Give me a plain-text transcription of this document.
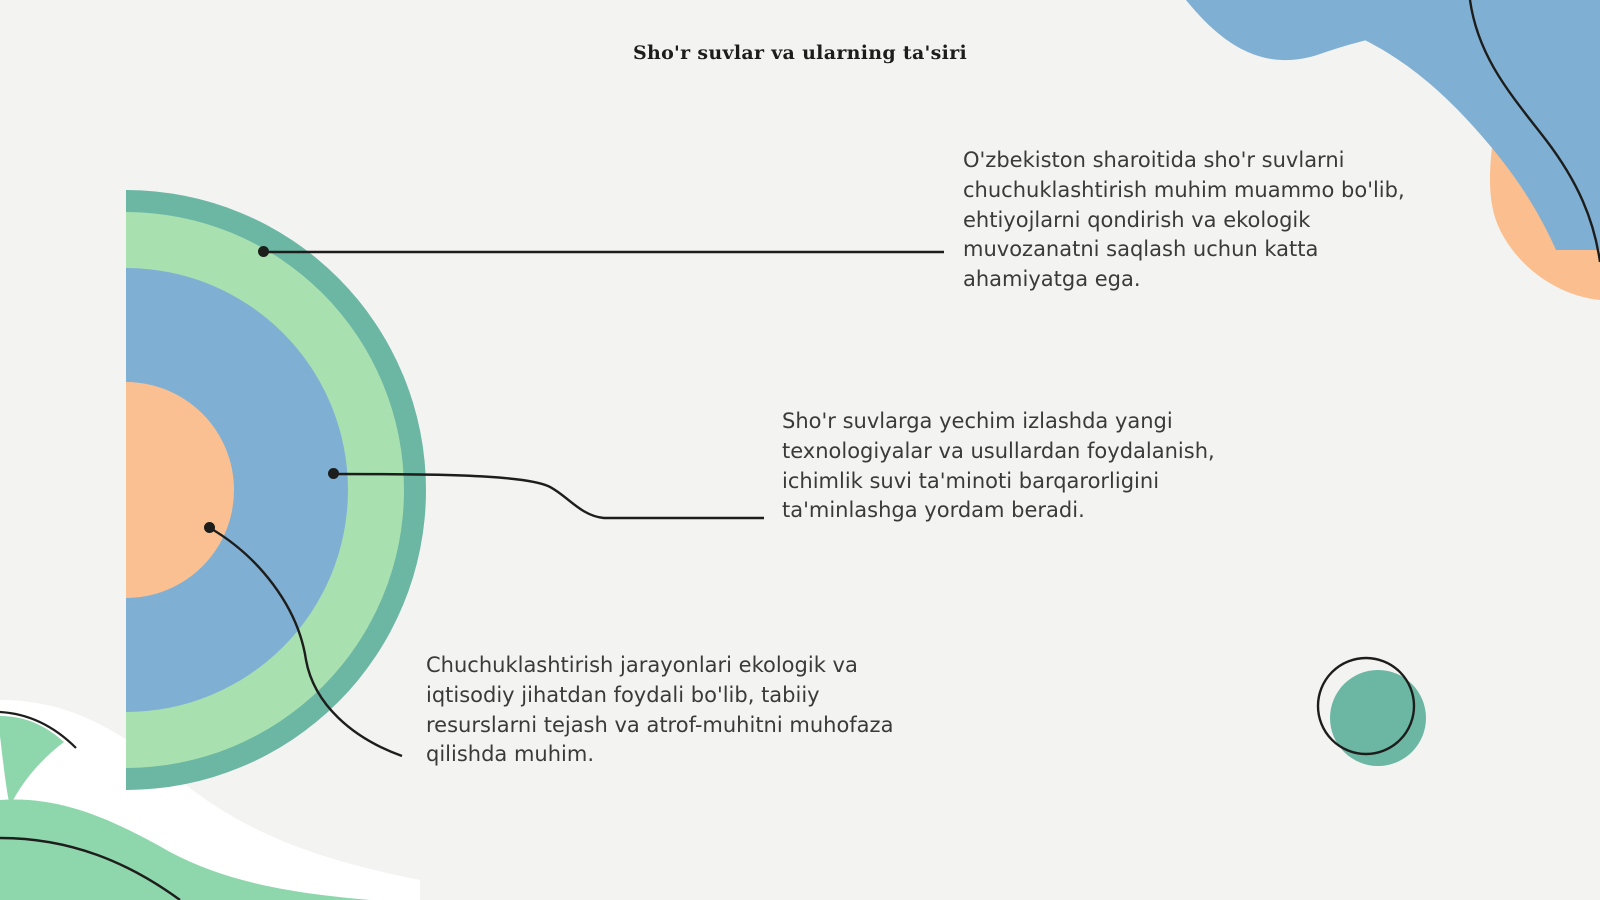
Sho'r suvlar va ularning ta'siri
O'zbekiston sharoitida sho'r suvlarni chuchuklashtirish muhim muammo bo'lib, ehtiyojlarni qondirish va ekologik muvozanatni saqlash uchun katta ahamiyatga ega.
Sho'r suvlarga yechim izlashda yangi texnologiyalar va usullardan foydalanish, ichimlik suvi ta'minoti barqarorligini ta'minlashga yordam beradi.
Chuchuklashtirish jarayonlari ekologik va iqtisodiy jihatdan foydali bo'lib, tabiiy resurslarni tejash va atrof-muhitni muhofaza qilishda muhim.
